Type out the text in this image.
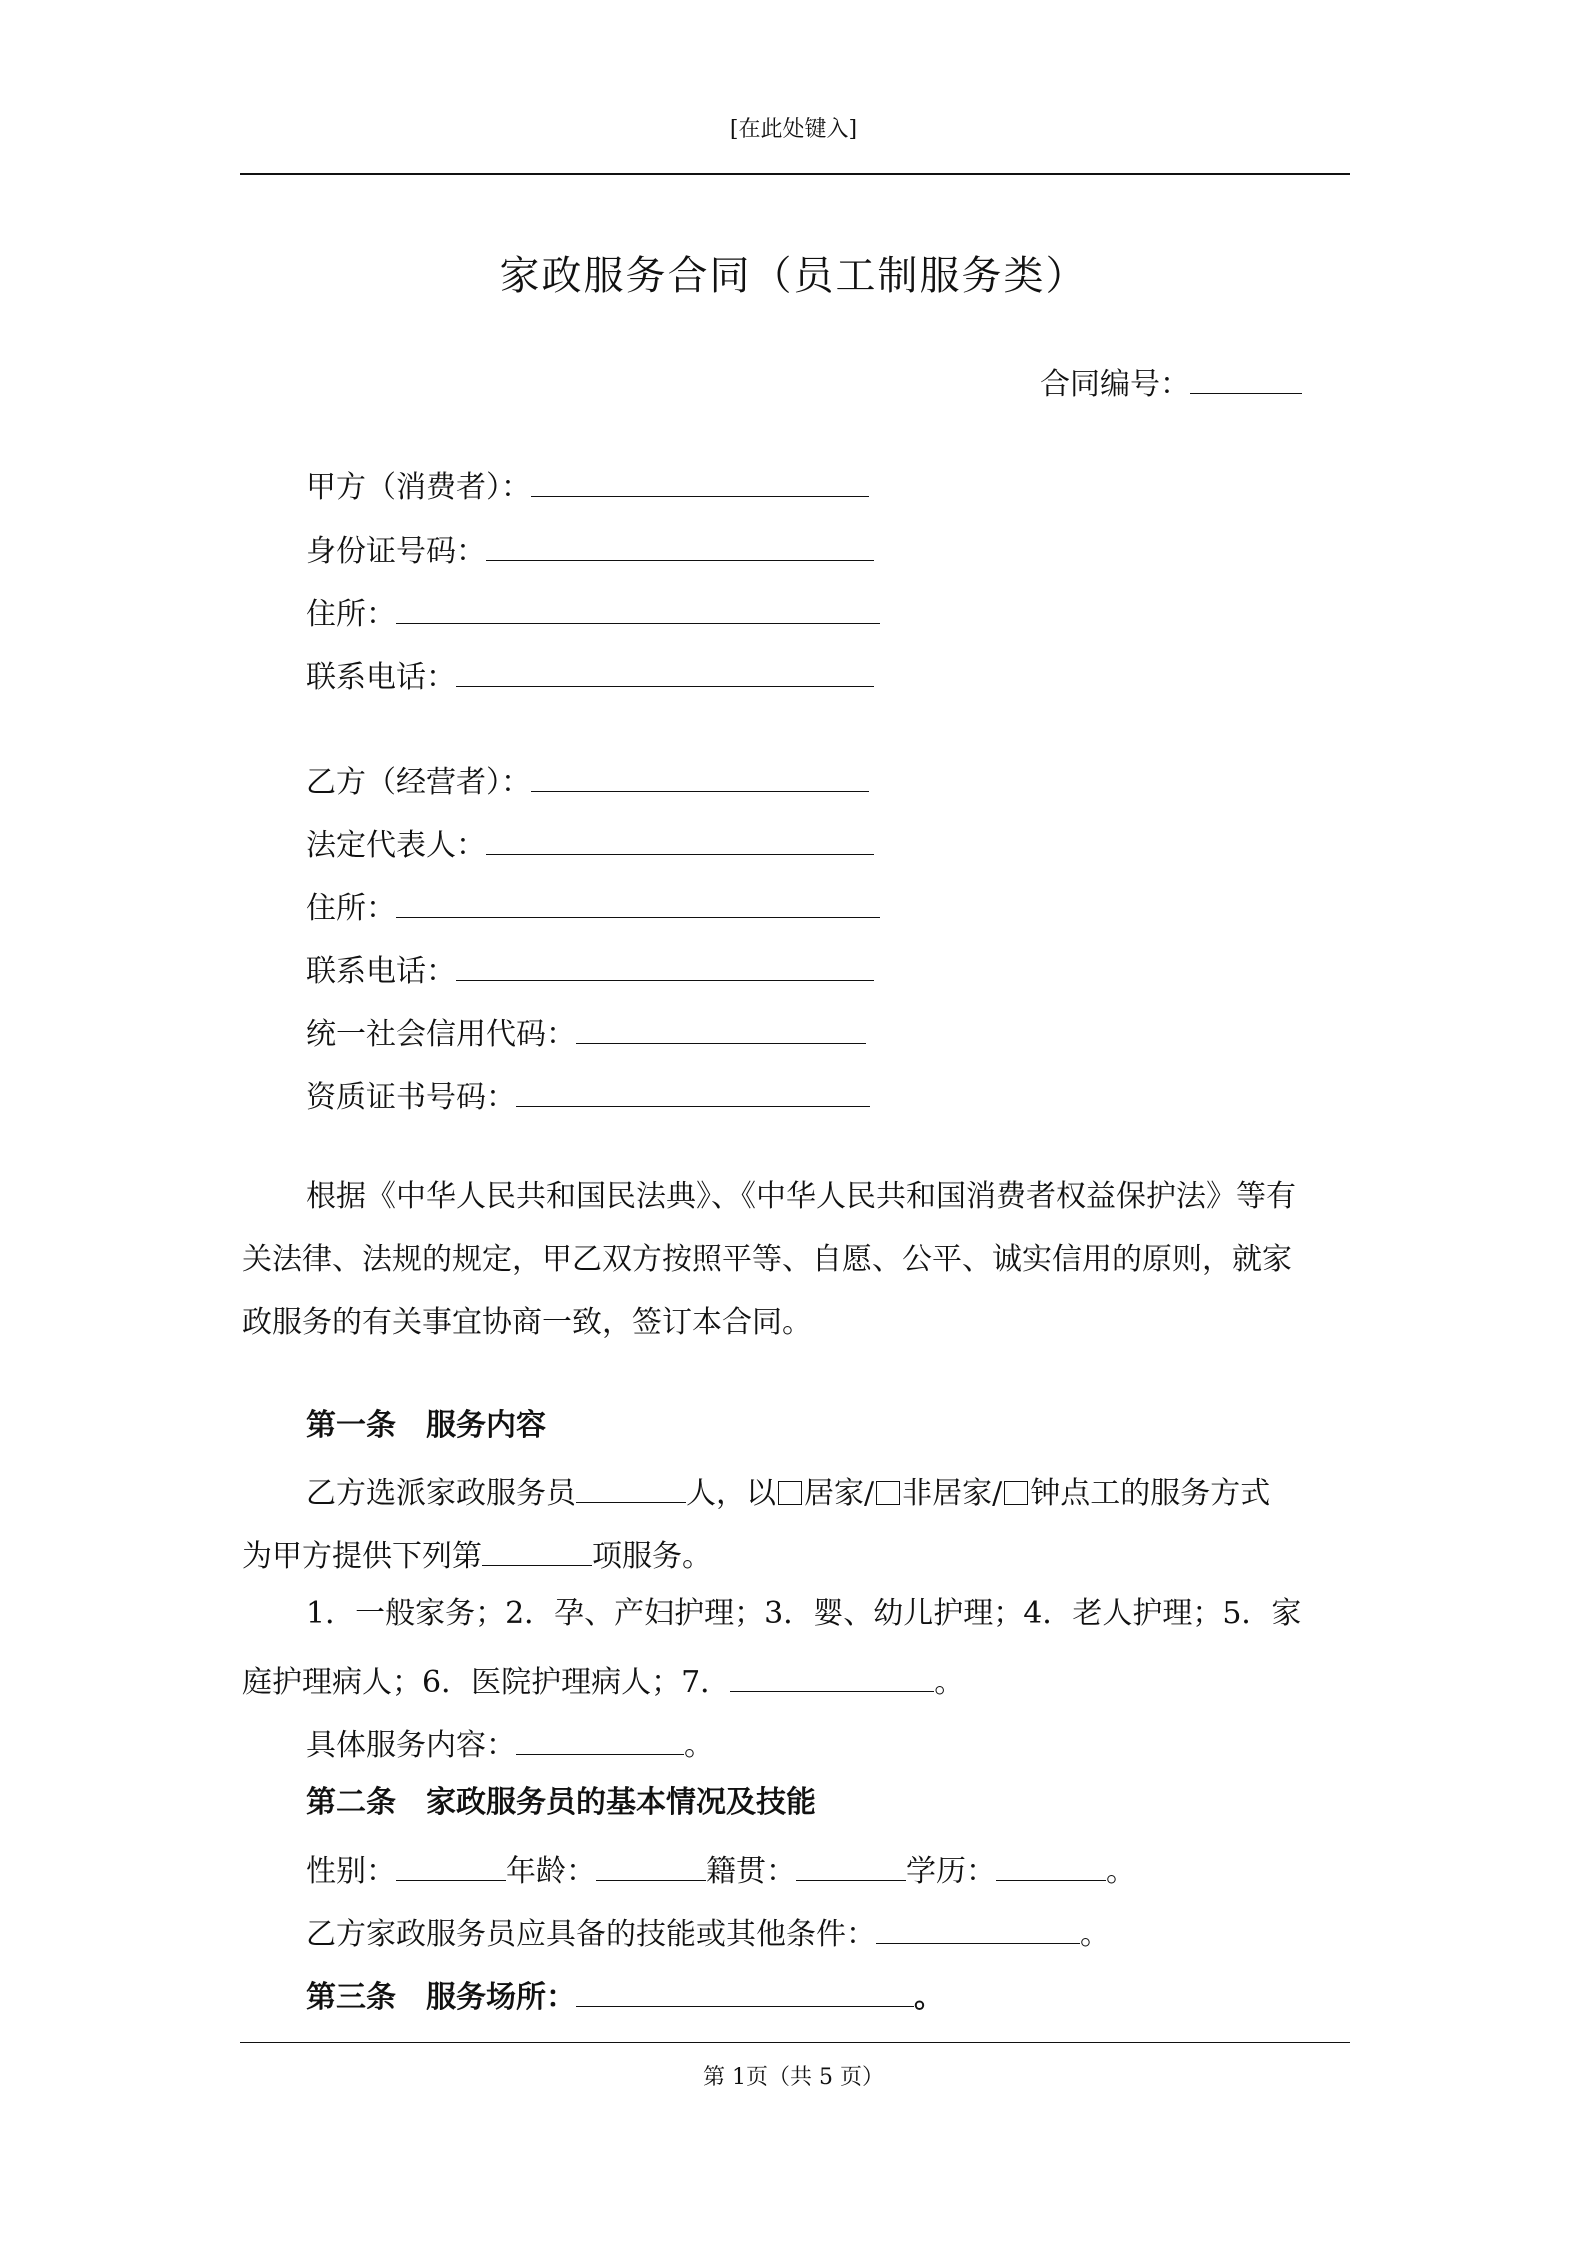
[在此处键入]
家政服务合同（员工制服务类）
合同编号：
甲方（消费者）：
身份证号码：
住所：
联系电话：
乙方（经营者）：
法定代表人：
住所：
联系电话：
统一社会信用代码：
资质证书号码：
根据《中华人民共和国民法典》、《中华人民共和国消费者权益保护法》等有
关法律、法规的规定，甲乙双方按照平等、自愿、公平、诚实信用的原则，就家
政服务的有关事宜协商一致，签订本合同。
第一条　服务内容
乙方选派家政服务员	人，以 居家/ 非居家/ 钟点工的服务方式
为甲方提供下列第	项服务。
1．一般家务；2．孕、产妇护理；3．婴、幼儿护理；4．老人护理；5．家
庭护理病人；6．医院护理病人；7．	。
具体服务内容：	。
第二条　家政服务员的基本情况及技能
性别：	年龄：	籍贯：	学历：	。
乙方家政服务员应具备的技能或其他条件：	。
第三条　服务场所：	。
第 1页（共 5 页）
